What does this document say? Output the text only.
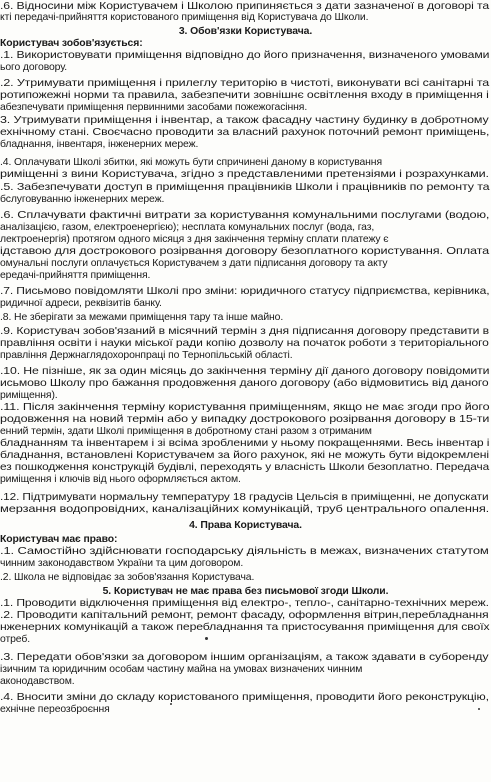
.6. Відносини між Користувачем і Школою припиняється з дати зазначеної в договорі та
кті передачі-прийняття користованого приміщення від Користувача до Школи.
3. Обов'язки Користувача.
Користувач зобов'язується:
.1. Використовувати приміщення відповідно до його призначення, визначеного умовами
ього договору.
.2. Утримувати приміщення і прилеглу територію в чистоті, виконувати всі санітарні та
ротипожежні норми та правила, забезпечити зовнішнє освітлення входу в приміщення і
абезпечувати приміщення первинними засобами пожежогасіння.
3. Утримувати приміщення і інвентар, а також фасадну частину будинку в добротному
ехнічному стані. Своєчасно проводити за власний рахунок поточний ремонт приміщень,
бладнання, інвентаря, інженерних мереж.
.4. Оплачувати Школі збитки, які можуть бути спричинені даному в користування
риміщенні з вини Користувача, згідно з представленими претензіями і розрахунками.
.5. Забезпечувати доступ в приміщення працівників Школи і працівників по ремонту та
бслуговуванню інженерних мереж.
.6. Сплачувати фактичні витрати за користування комунальними послугами (водою,
аналізацією, газом, електроенергією); несплата комунальних послуг (вода, газ,
лектроенергія) протягом одного місяця з дня закінчення терміну сплати платежу є
ідставою для дострокового розірвання договору безоплатного користування. Оплата
омунальні послуги оплачується Користувачем з дати підписання договору та акту
ередачі-прийняття приміщення.
.7. Письмово повідомляти Школі про зміни: юридичного статусу підприємства, керівника,
ридичної адреси, реквізитів банку.
.8. Не зберігати за межами приміщення тару та інше майно.
.9. Користувач зобов'язаний в місячний термін з дня підписання договору представити в
правління освіти і науки міської ради копію дозволу на початок роботи з територіального
правління Держнаглядохоронпраці по Тернопільській області.
.10. Не пізніше, як за один місяць до закінчення терміну дії даного договору повідомити
исьмово Школу про бажання продовження даного договору (або відмовитись від даного
риміщення).
.11. Після закінчення терміну користування приміщенням, якщо не має згоди про його
родовження на новий термін або у випадку дострокового розірвання договору в 15-ти
енний термін, здати Школі приміщення в добротному стані разом з отриманим
бладнанням та інвентарем і зі всіма зробленими у ньому покращеннями. Весь інвентар і
бладнання, встановлені Користувачем за його рахунок, які не можуть бути відокремлені
ез пошкодження конструкцій будівлі, переходять у власність Школи безоплатно. Передача
риміщення і ключів від нього оформляється актом.
.12. Підтримувати нормальну температуру 18 градусів Цельсія в приміщенні, не допускати
мерзання водопровідних, каналізаційних комунікацій, труб центрального опалення.
4. Права Користувача.
Користувач має право:
.1. Самостійно здійснювати господарську діяльність в межах, визначених статутом
чинним законодавством України та цим договором.
.2. Школа не відповідає за зобов'язання Користувача.
5. Користувач не має права без письмової згоди Школи.
.1. Проводити відключення приміщення від електро-, тепло-, санітарно-технічних мереж.
.2. Проводити капітальний ремонт, ремонт фасаду, оформлення вітрин,перебладнання
нженерних комунікацій а також перебладнання та пристосування приміщення для своїх
отреб.
.3. Передати обов'язки за договором іншим організаціям, а також здавати в суборенду
ізичним та юридичним особам частину майна на умовах визначених чинним
аконодавством.
.4. Вносити зміни до складу користованого приміщення, проводити його реконструкцію,
ехнічне переозброєння
